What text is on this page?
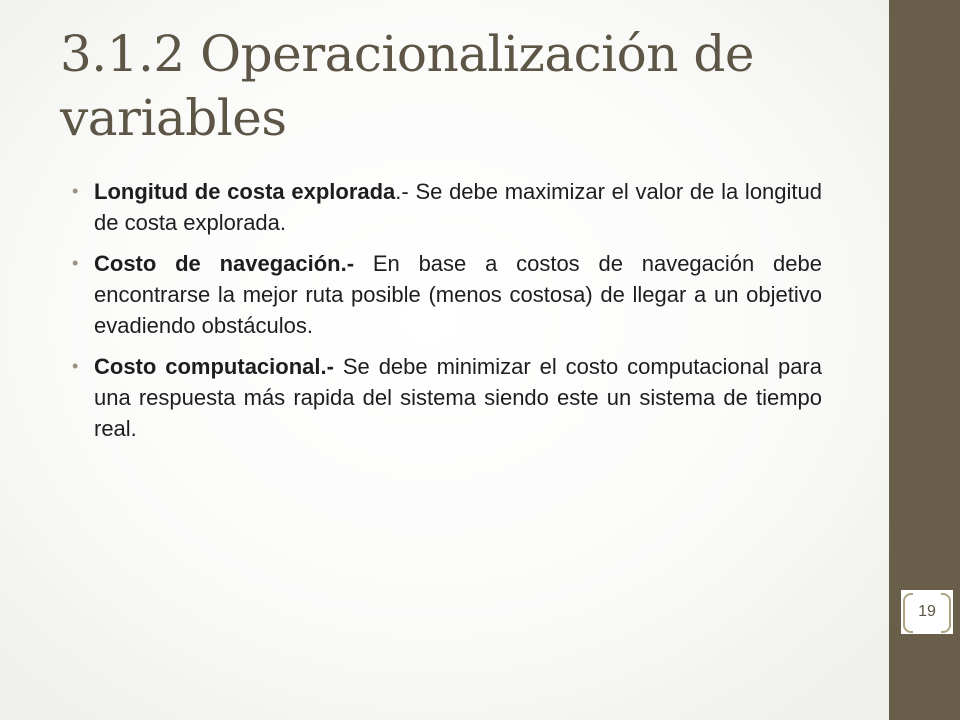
3.1.2 Operacionalización de variables
• Longitud de costa explorada.- Se debe maximizar el valor de la longitud de costa explorada.
• Costo de navegación.- En base a costos de navegación debe encontrarse la mejor ruta posible (menos costosa) de llegar a un objetivo evadiendo obstáculos.
• Costo computacional.- Se debe minimizar el costo computacional para una respuesta más rapida del sistema siendo este un sistema de tiempo real.
19
